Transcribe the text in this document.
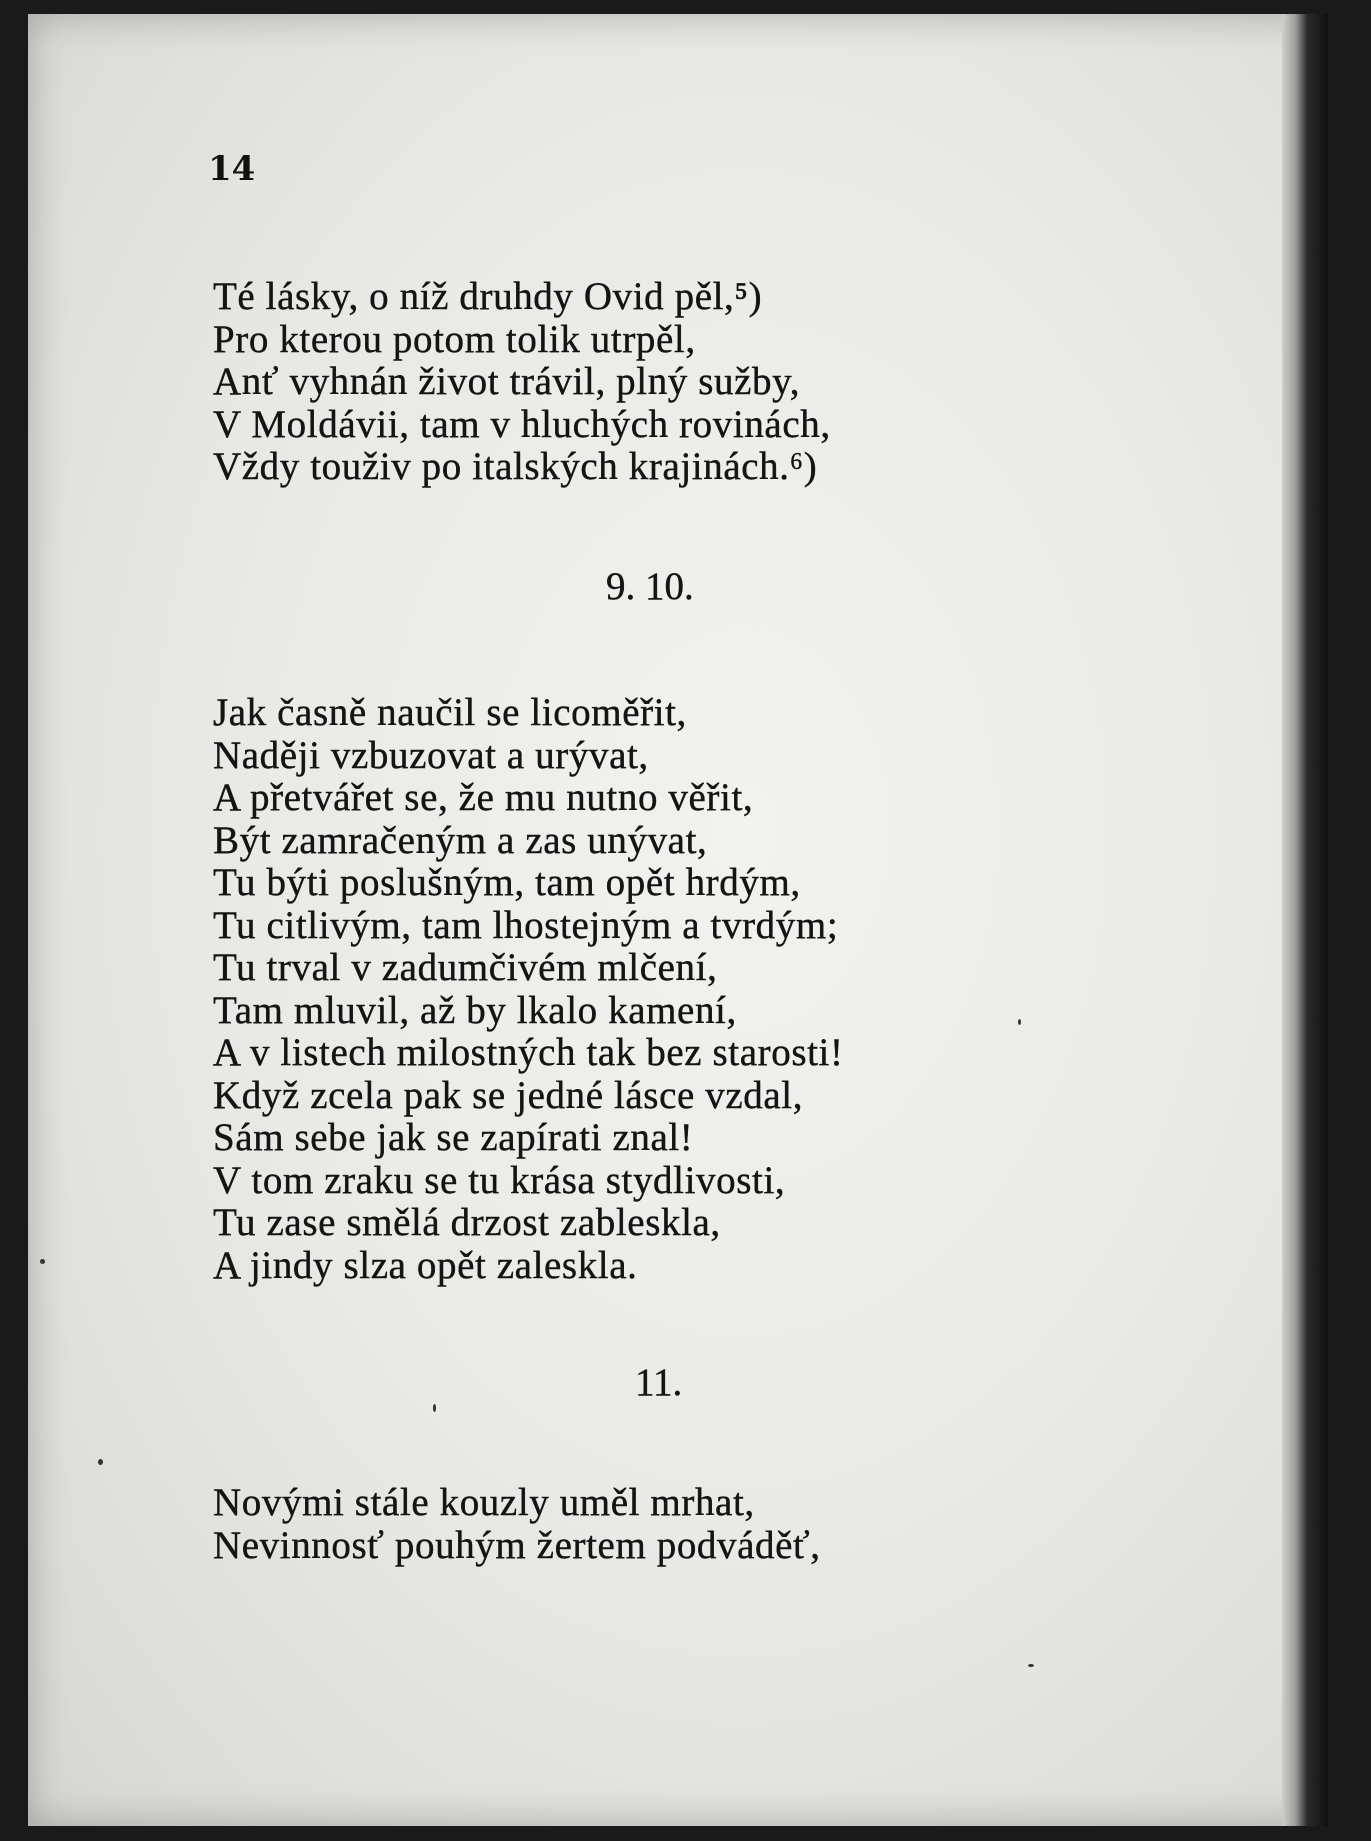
14

Té lásky, o níž druhdy Ovid pěl,⁵)
Pro kterou potom tolik utrpěl,
Anť vyhnán život trávil, plný sužby,
V Moldávii, tam v hluchých rovinách,
Vždy touživ po italských krajinách.⁶)

9. 10.

Jak časně naučil se licoměřit,
Naději vzbuzovat a urývat,
A přetvářet se, že mu nutno věřit,
Být zamračeným a zas unývat,
Tu býti poslušným, tam opět hrdým,
Tu citlivým, tam lhostejným a tvrdým;
Tu trval v zadumčivém mlčení,
Tam mluvil, až by lkalo kamení,
A v listech milostných tak bez starosti!
Když zcela pak se jedné lásce vzdal,
Sám sebe jak se zapírati znal!
V tom zraku se tu krása stydlivosti,
Tu zase smělá drzost zableskla,
A jindy slza opět zaleskla.

11.

Novými stále kouzly uměl mrhat,
Nevinnosť pouhým žertem podváděť,
